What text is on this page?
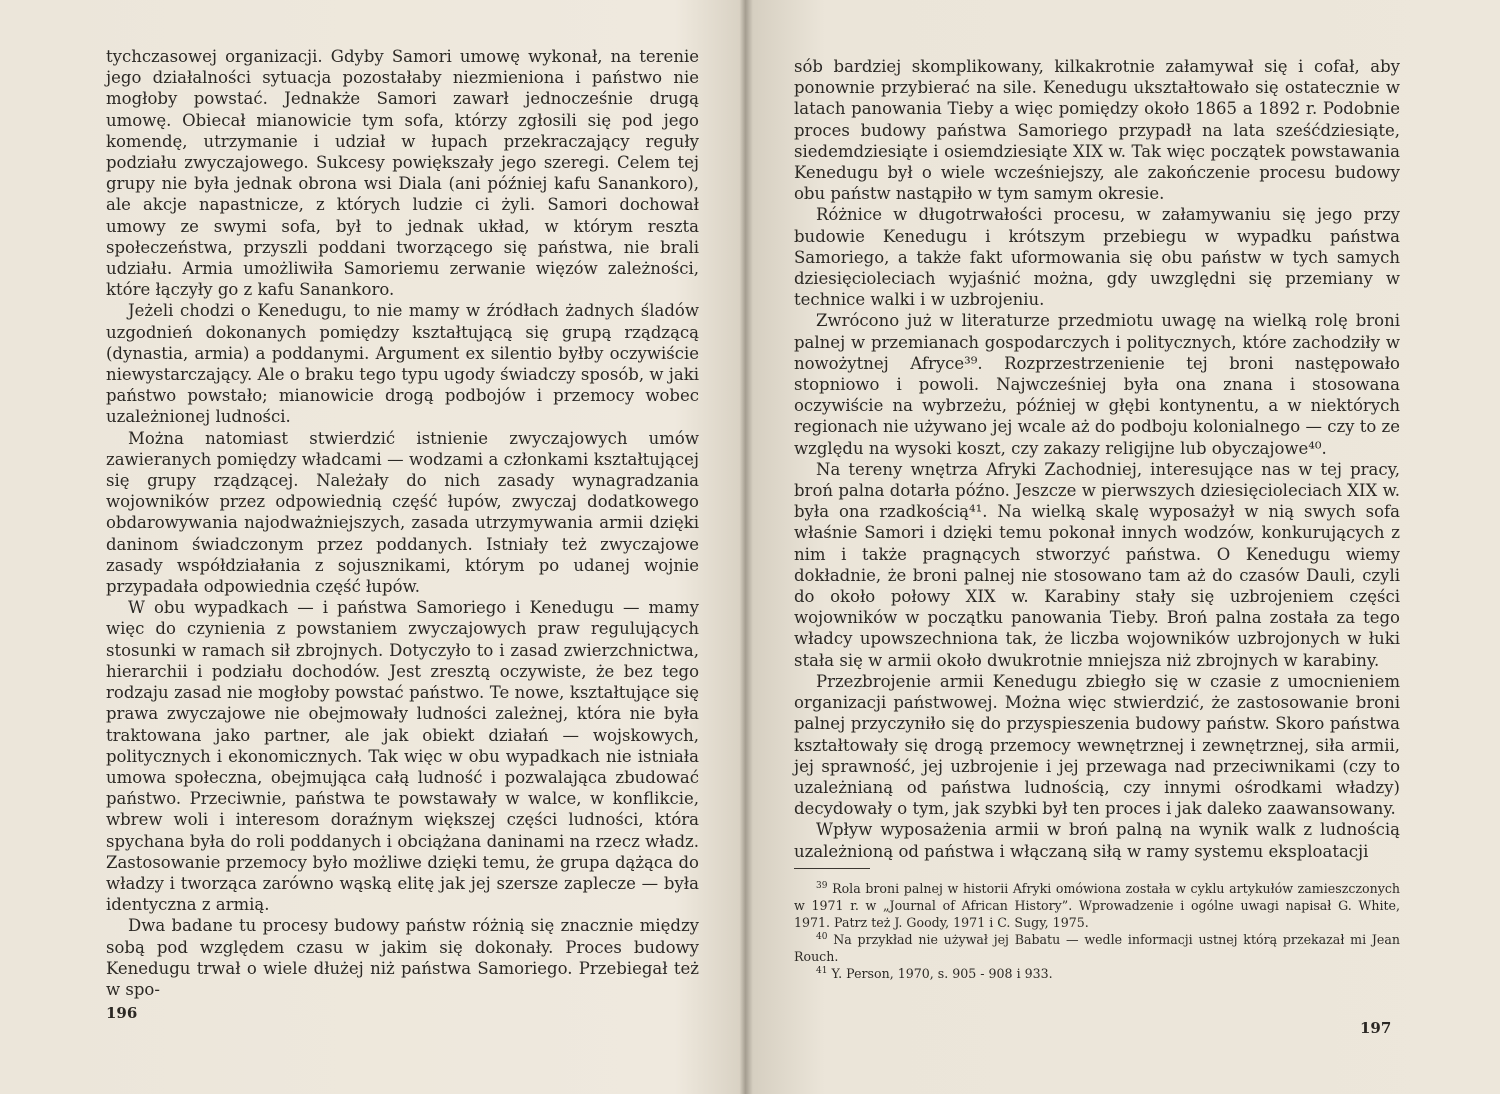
tychczasowej organizacji. Gdyby Samori umowę wykonał, na terenie jego działalności sytuacja pozostałaby niezmieniona i państwo nie mogłoby powstać. Jednakże Samori zawarł jednocześnie drugą umowę. Obiecał mianowicie tym sofa, którzy zgłosili się pod jego komendę, utrzymanie i udział w łupach przekraczający reguły podziału zwyczajowego. Sukcesy powiększały jego szeregi. Celem tej grupy nie była jednak obrona wsi Diala (ani później kafu Sanankoro), ale akcje napastnicze, z których ludzie ci żyli. Samori dochował umowy ze swymi sofa, był to jednak układ, w którym reszta społeczeństwa, przyszli poddani tworzącego się państwa, nie brali udziału. Armia umożliwiła Samoriemu zerwanie więzów zależności, które łączyły go z kafu Sanankoro.

Jeżeli chodzi o Kenedugu, to nie mamy w źródłach żadnych śladów uzgodnień dokonanych pomiędzy kształtującą się grupą rządzącą (dynastia, armia) a poddanymi. Argument ex silentio byłby oczywiście niewystarczający. Ale o braku tego typu ugody świadczy sposób, w jaki państwo powstało; mianowicie drogą podbojów i przemocy wobec uzależnionej ludności.

Można natomiast stwierdzić istnienie zwyczajowych umów zawieranych pomiędzy władcami — wodzami a członkami kształtującej się grupy rządzącej. Należały do nich zasady wynagradzania wojowników przez odpowiednią część łupów, zwyczaj dodatkowego obdarowywania najodważniejszych, zasada utrzymywania armii dzięki daninom świadczonym przez poddanych. Istniały też zwyczajowe zasady współdziałania z sojusznikami, którym po udanej wojnie przypadała odpowiednia część łupów.

W obu wypadkach — i państwa Samoriego i Kenedugu — mamy więc do czynienia z powstaniem zwyczajowych praw regulujących stosunki w ramach sił zbrojnych. Dotyczyło to i zasad zwierzchnictwa, hierarchii i podziału dochodów. Jest zresztą oczywiste, że bez tego rodzaju zasad nie mogłoby powstać państwo. Te nowe, kształtujące się prawa zwyczajowe nie obejmowały ludności zależnej, która nie była traktowana jako partner, ale jak obiekt działań — wojskowych, politycznych i ekonomicznych. Tak więc w obu wypadkach nie istniała umowa społeczna, obejmująca całą ludność i pozwalająca zbudować państwo. Przeciwnie, państwa te powstawały w walce, w konflikcie, wbrew woli i interesom doraźnym większej części ludności, która spychana była do roli poddanych i obciążana daninami na rzecz władz. Zastosowanie przemocy było możliwe dzięki temu, że grupa dążąca do władzy i tworząca zarówno wąską elitę jak jej szersze zaplecze — była identyczna z armią.

Dwa badane tu procesy budowy państw różnią się znacznie między sobą pod względem czasu w jakim się dokonały. Proces budowy Kenedugu trwał o wiele dłużej niż państwa Samoriego. Przebiegał też w spo-

196

sób bardziej skomplikowany, kilkakrotnie załamywał się i cofał, aby ponownie przybierać na sile. Kenedugu ukształtowało się ostatecznie w latach panowania Tieby a więc pomiędzy około 1865 a 1892 r. Podobnie proces budowy państwa Samoriego przypadł na lata sześćdziesiąte, siedemdziesiąte i osiemdziesiąte XIX w. Tak więc początek powstawania Kenedugu był o wiele wcześniejszy, ale zakończenie procesu budowy obu państw nastąpiło w tym samym okresie.

Różnice w długotrwałości procesu, w załamywaniu się jego przy budowie Kenedugu i krótszym przebiegu w wypadku państwa Samoriego, a także fakt uformowania się obu państw w tych samych dziesięcioleciach wyjaśnić można, gdy uwzględni się przemiany w technice walki i w uzbrojeniu.

Zwrócono już w literaturze przedmiotu uwagę na wielką rolę broni palnej w przemianach gospodarczych i politycznych, które zachodziły w nowożytnej Afryce³⁹. Rozprzestrzenienie tej broni następowało stopniowo i powoli. Najwcześniej była ona znana i stosowana oczywiście na wybrzeżu, później w głębi kontynentu, a w niektórych regionach nie używano jej wcale aż do podboju kolonialnego — czy to ze względu na wysoki koszt, czy zakazy religijne lub obyczajowe⁴⁰.

Na tereny wnętrza Afryki Zachodniej, interesujące nas w tej pracy, broń palna dotarła późno. Jeszcze w pierwszych dziesięcioleciach XIX w. była ona rzadkością⁴¹. Na wielką skalę wyposażył w nią swych sofa właśnie Samori i dzięki temu pokonał innych wodzów, konkurujących z nim i także pragnących stworzyć państwa. O Kenedugu wiemy dokładnie, że broni palnej nie stosowano tam aż do czasów Dauli, czyli do około połowy XIX w. Karabiny stały się uzbrojeniem części wojowników w początku panowania Tieby. Broń palna została za tego władcy upowszechniona tak, że liczba wojowników uzbrojonych w łuki stała się w armii około dwukrotnie mniejsza niż zbrojnych w karabiny.

Przezbrojenie armii Kenedugu zbiegło się w czasie z umocnieniem organizacji państwowej. Można więc stwierdzić, że zastosowanie broni palnej przyczyniło się do przyspieszenia budowy państw. Skoro państwa kształtowały się drogą przemocy wewnętrznej i zewnętrznej, siła armii, jej sprawność, jej uzbrojenie i jej przewaga nad przeciwnikami (czy to uzależnianą od państwa ludnością, czy innymi ośrodkami władzy) decydowały o tym, jak szybki był ten proces i jak daleko zaawansowany.

Wpływ wyposażenia armii w broń palną na wynik walk z ludnością uzależnioną od państwa i włączaną siłą w ramy systemu eksploatacji

$^{39}$ Rola broni palnej w historii Afryki omówiona została w cyklu artykułów zamieszczonych w 1971 r. w „Journal of African History”. Wprowadzenie i ogólne uwagi napisał G. White, 1971. Patrz też J. Goody, 1971 i C. Sugy, 1975.

$^{40}$ Na przykład nie używał jej Babatu — wedle informacji ustnej którą przekazał mi Jean Rouch.

$^{41}$ Y. Person, 1970, s. 905 - 908 i 933.

197
